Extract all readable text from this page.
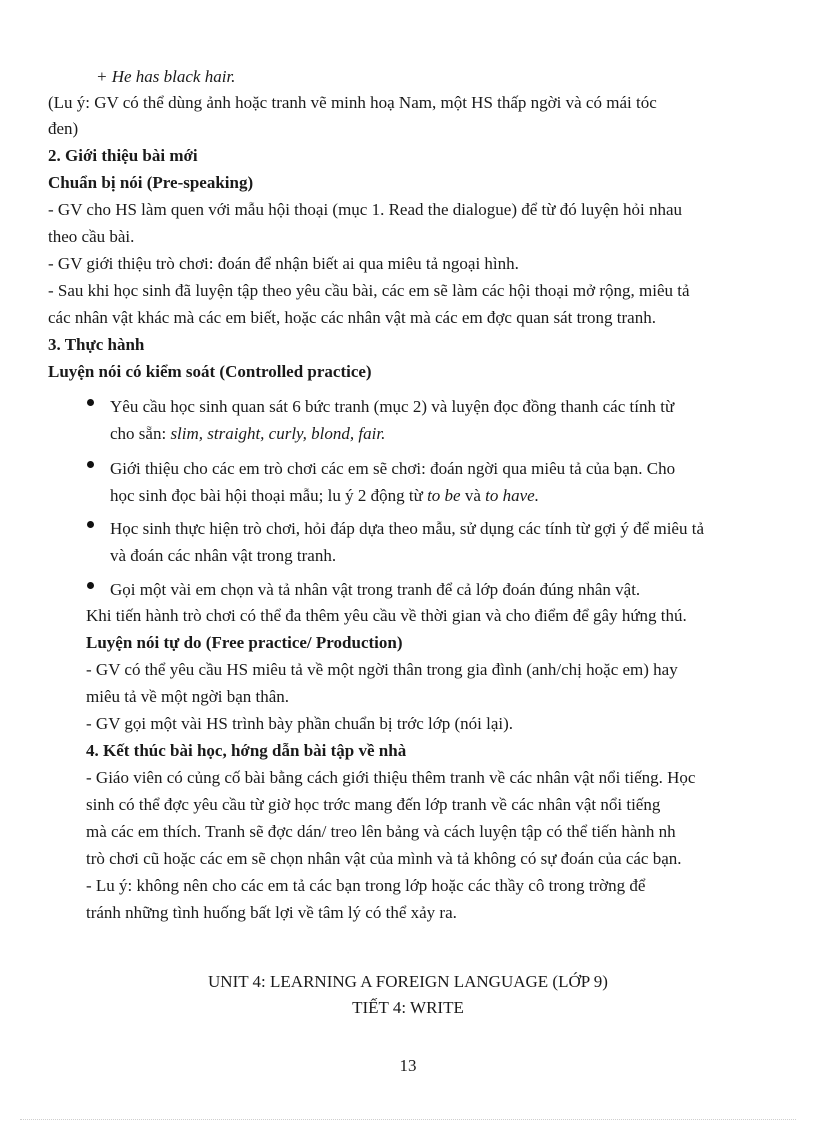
+ He has black hair.
(Lu ý: GV có thể dùng ảnh hoặc tranh vẽ minh hoạ Nam, một HS thấp ngời và có mái tóc
đen)
2. Giới thiệu bài mới
Chuẩn bị nói (Pre-speaking)
- GV cho HS làm quen với mẫu hội thoại (mục 1. Read the dialogue) để từ đó luyện hỏi nhau
theo cầu bài.
- GV giới thiệu trò chơi: đoán để nhận biết ai qua miêu tả ngoại hình.
- Sau khi học sinh đã luyện tập theo yêu cầu bài, các em sẽ làm các hội thoại mở rộng, miêu tả
các nhân vật khác mà các em biết, hoặc các nhân vật mà các em đợc quan sát trong tranh.
3. Thực hành
Luyện nói có kiểm soát (Controlled practice)
Yêu cầu học sinh quan sát 6 bức tranh (mục 2) và luyện đọc đồng thanh các tính từ
cho sẵn: slim, straight, curly, blond, fair.
Giới thiệu cho các em trò chơi các em sẽ chơi: đoán ngời qua miêu tả của bạn. Cho
học sinh đọc bài hội thoại mẫu; lu ý 2 động từ to be và to have.
Học sinh thực hiện trò chơi, hỏi đáp dựa theo mẫu, sử dụng các tính từ gợi ý để miêu tả
và đoán các nhân vật trong tranh.
Gọi một vài em chọn và tả nhân vật trong tranh để cả lớp đoán đúng nhân vật.
Khi tiến hành trò chơi có thể đa thêm yêu cầu về thời gian và cho điểm để gây hứng thú.
Luyện nói tự do (Free practice/ Production)
- GV có thể yêu cầu HS miêu tả về một ngời thân trong gia đình (anh/chị hoặc em) hay
miêu tả về một ngời bạn thân.
- GV gọi một vài HS trình bày phần chuẩn bị trớc lớp (nói lại).
4. Kết thúc bài học, hớng dẫn bài tập về nhà
- Giáo viên có củng cố bài bằng cách giới thiệu thêm tranh về các nhân vật nổi tiếng. Học
sinh có thể đợc yêu cầu từ giờ học trớc mang đến lớp tranh về các nhân vật nổi tiếng
mà các em thích. Tranh sẽ đợc dán/ treo lên bảng và cách luyện tập có thể tiến hành nh
trò chơi cũ hoặc các em sẽ chọn nhân vật của mình và tả không có sự đoán của các bạn.
- Lu ý: không nên cho các em tả các bạn trong lớp hoặc các thầy cô trong trờng để
tránh những tình huống bất lợi về tâm lý có thể xảy ra.
UNIT 4: LEARNING A FOREIGN LANGUAGE (LỚP 9)
TIẾT 4: WRITE
13
